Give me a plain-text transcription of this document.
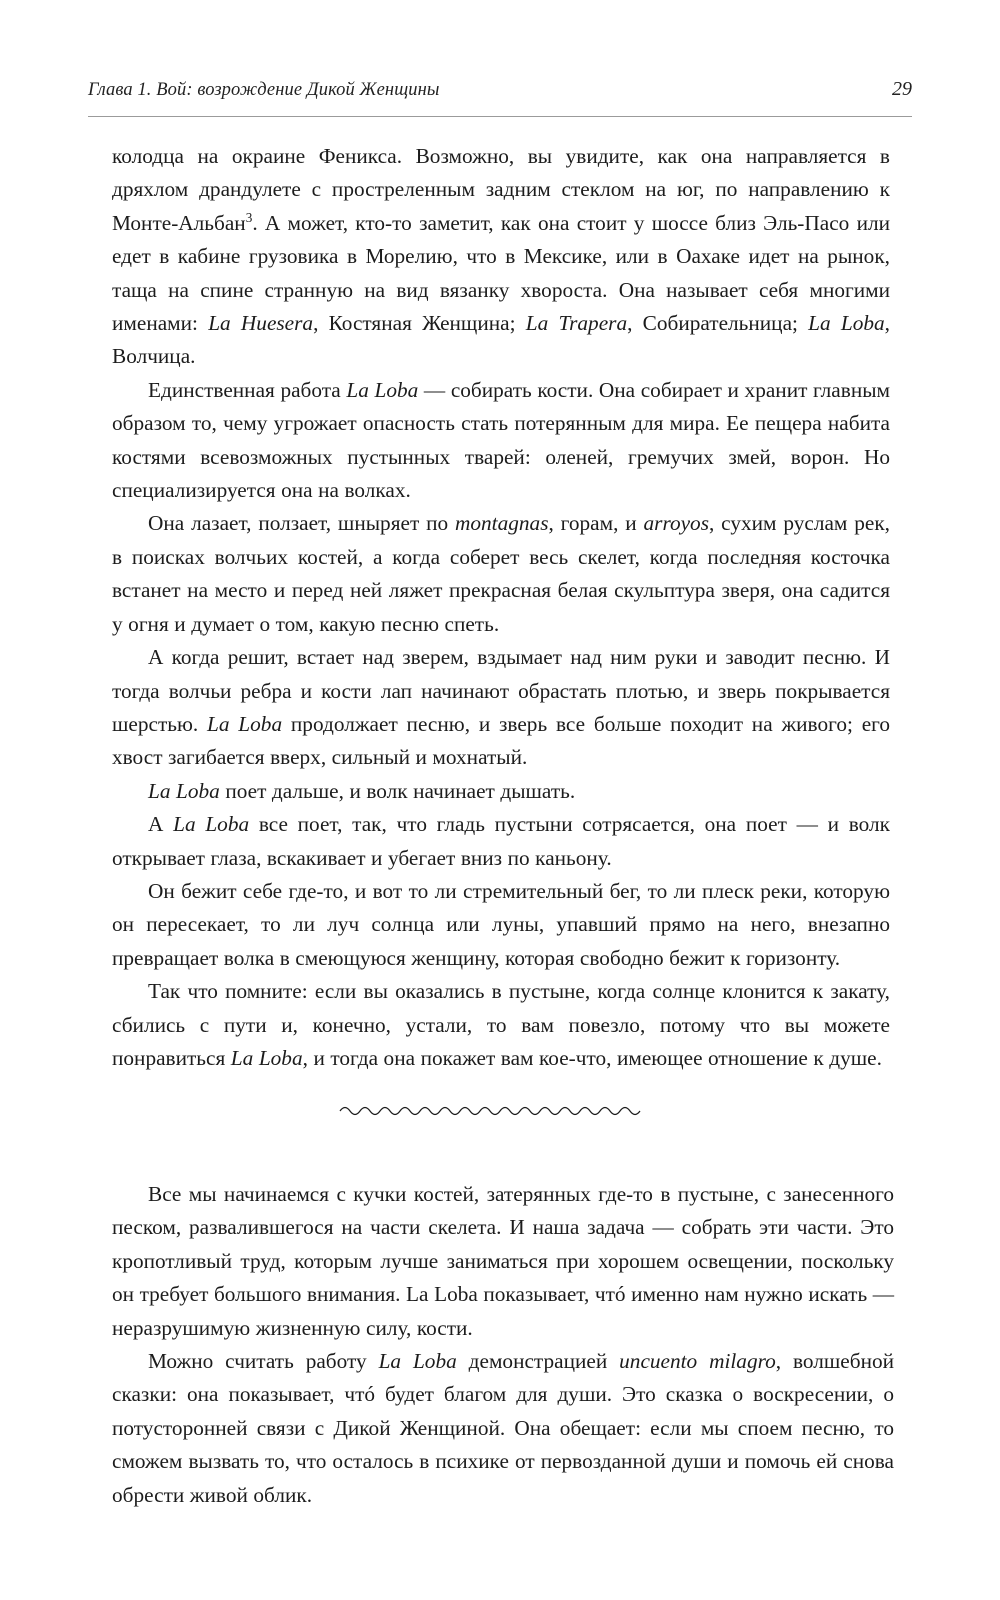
Глава 1. Вой: возрождение Дикой Женщины	29

колодца на окраине Феникса. Возможно, вы увидите, как она направляется в дряхлом драндулете с простреленным задним стеклом на юг, по направлению к Монте-Альбан$^3$. А может, кто-то заметит, как она стоит у шоссе близ Эль-Пасо или едет в кабине грузовика в Морелию, что в Мексике, или в Оахаке идет на рынок, таща на спине странную на вид вязанку хвороста. Она называет себя многими именами: La Huesera, Костяная Женщина; La Trapera, Собирательница; La Loba, Волчица.

Единственная работа La Loba — собирать кости. Она собирает и хранит главным образом то, чему угрожает опасность стать потерянным для мира. Ее пещера набита костями всевозможных пустынных тварей: оленей, гремучих змей, ворон. Но специализируется она на волках.

Она лазает, ползает, шныряет по montagnas, горам, и arroyos, сухим руслам рек, в поисках волчьих костей, а когда соберет весь скелет, когда последняя косточка встанет на место и перед ней ляжет прекрасная белая скульптура зверя, она садится у огня и думает о том, какую песню спеть.

А когда решит, встает над зверем, вздымает над ним руки и заводит песню. И тогда волчьи ребра и кости лап начинают обрастать плотью, и зверь покрывается шерстью. La Loba продолжает песню, и зверь все больше походит на живого; его хвост загибается вверх, сильный и мохнатый.

La Loba поет дальше, и волк начинает дышать.

А La Loba все поет, так, что гладь пустыни сотрясается, она поет — и волк открывает глаза, вскакивает и убегает вниз по каньону.

Он бежит себе где-то, и вот то ли стремительный бег, то ли плеск реки, которую он пересекает, то ли луч солнца или луны, упавший прямо на него, внезапно превращает волка в смеющуюся женщину, которая свободно бежит к горизонту.

Так что помните: если вы оказались в пустыне, когда солнце клонится к закату, сбились с пути и, конечно, устали, то вам повезло, потому что вы можете понравиться La Loba, и тогда она покажет вам кое-что, имеющее отношение к душе.

Все мы начинаемся с кучки костей, затерянных где-то в пустыне, с занесенного песком, развалившегося на части скелета. И наша задача — собрать эти части. Это кропотливый труд, которым лучше заниматься при хорошем освещении, поскольку он требует большого внимания. La Loba показывает, чтó именно нам нужно искать — неразрушимую жизненную силу, кости.

Можно считать работу La Loba демонстрацией uncuento milagro, волшебной сказки: она показывает, чтó будет благом для души. Это сказка о воскресении, о потусторонней связи с Дикой Женщиной. Она обещает: если мы споем песню, то сможем вызвать то, что осталось в психике от первозданной души и помочь ей снова обрести живой облик.
